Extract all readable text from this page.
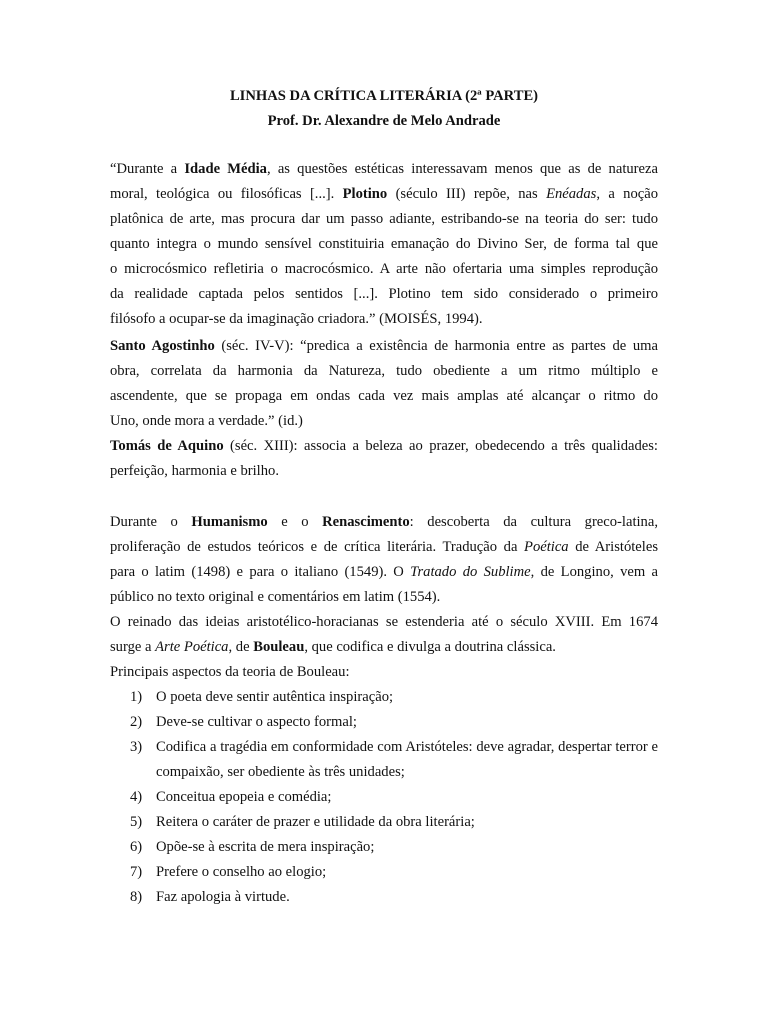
LINHAS DA CRÍTICA LITERÁRIA (2ª PARTE)
Prof. Dr. Alexandre de Melo Andrade

“Durante a Idade Média, as questões estéticas interessavam menos que as de natureza

moral, teológica ou filosóficas [...]. Plotino (século III) repõe, nas Enéadas, a noção

platônica de arte, mas procura dar um passo adiante, estribando-se na teoria do ser: tudo

quanto integra o mundo sensível constituiria emanação do Divino Ser, de forma tal que

o microcósmico refletiria o macrocósmico. A arte não ofertaria uma simples reprodução

da realidade captada pelos sentidos [...]. Plotino tem sido considerado o primeiro

filósofo a ocupar-se da imaginação criadora.” (MOISÉS, 1994).

Santo Agostinho (séc. IV-V): “predica a existência de harmonia entre as partes de uma

obra, correlata da harmonia da Natureza, tudo obediente a um ritmo múltiplo e

ascendente, que se propaga em ondas cada vez mais amplas até alcançar o ritmo do

Uno, onde mora a verdade.” (id.)

Tomás de Aquino (séc. XIII): associa a beleza ao prazer, obedecendo a três qualidades:

perfeição, harmonia e brilho.

Durante o Humanismo e o Renascimento: descoberta da cultura greco-latina,

proliferação de estudos teóricos e de crítica literária. Tradução da Poética de Aristóteles

para o latim (1498) e para o italiano (1549). O Tratado do Sublime, de Longino, vem a

público no texto original e comentários em latim (1554).

O reinado das ideias aristotélico-horacianas se estenderia até o século XVIII. Em 1674

surge a Arte Poética, de Bouleau, que codifica e divulga a doutrina clássica.

Principais aspectos da teoria de Bouleau:

1) O poeta deve sentir autêntica inspiração;
2) Deve-se cultivar o aspecto formal;
3) Codifica a tragédia em conformidade com Aristóteles: deve agradar, despertar terror e compaixão, ser obediente às três unidades;
4) Conceitua epopeia e comédia;
5) Reitera o caráter de prazer e utilidade da obra literária;
6) Opõe-se à escrita de mera inspiração;
7) Prefere o conselho ao elogio;
8) Faz apologia à virtude.
